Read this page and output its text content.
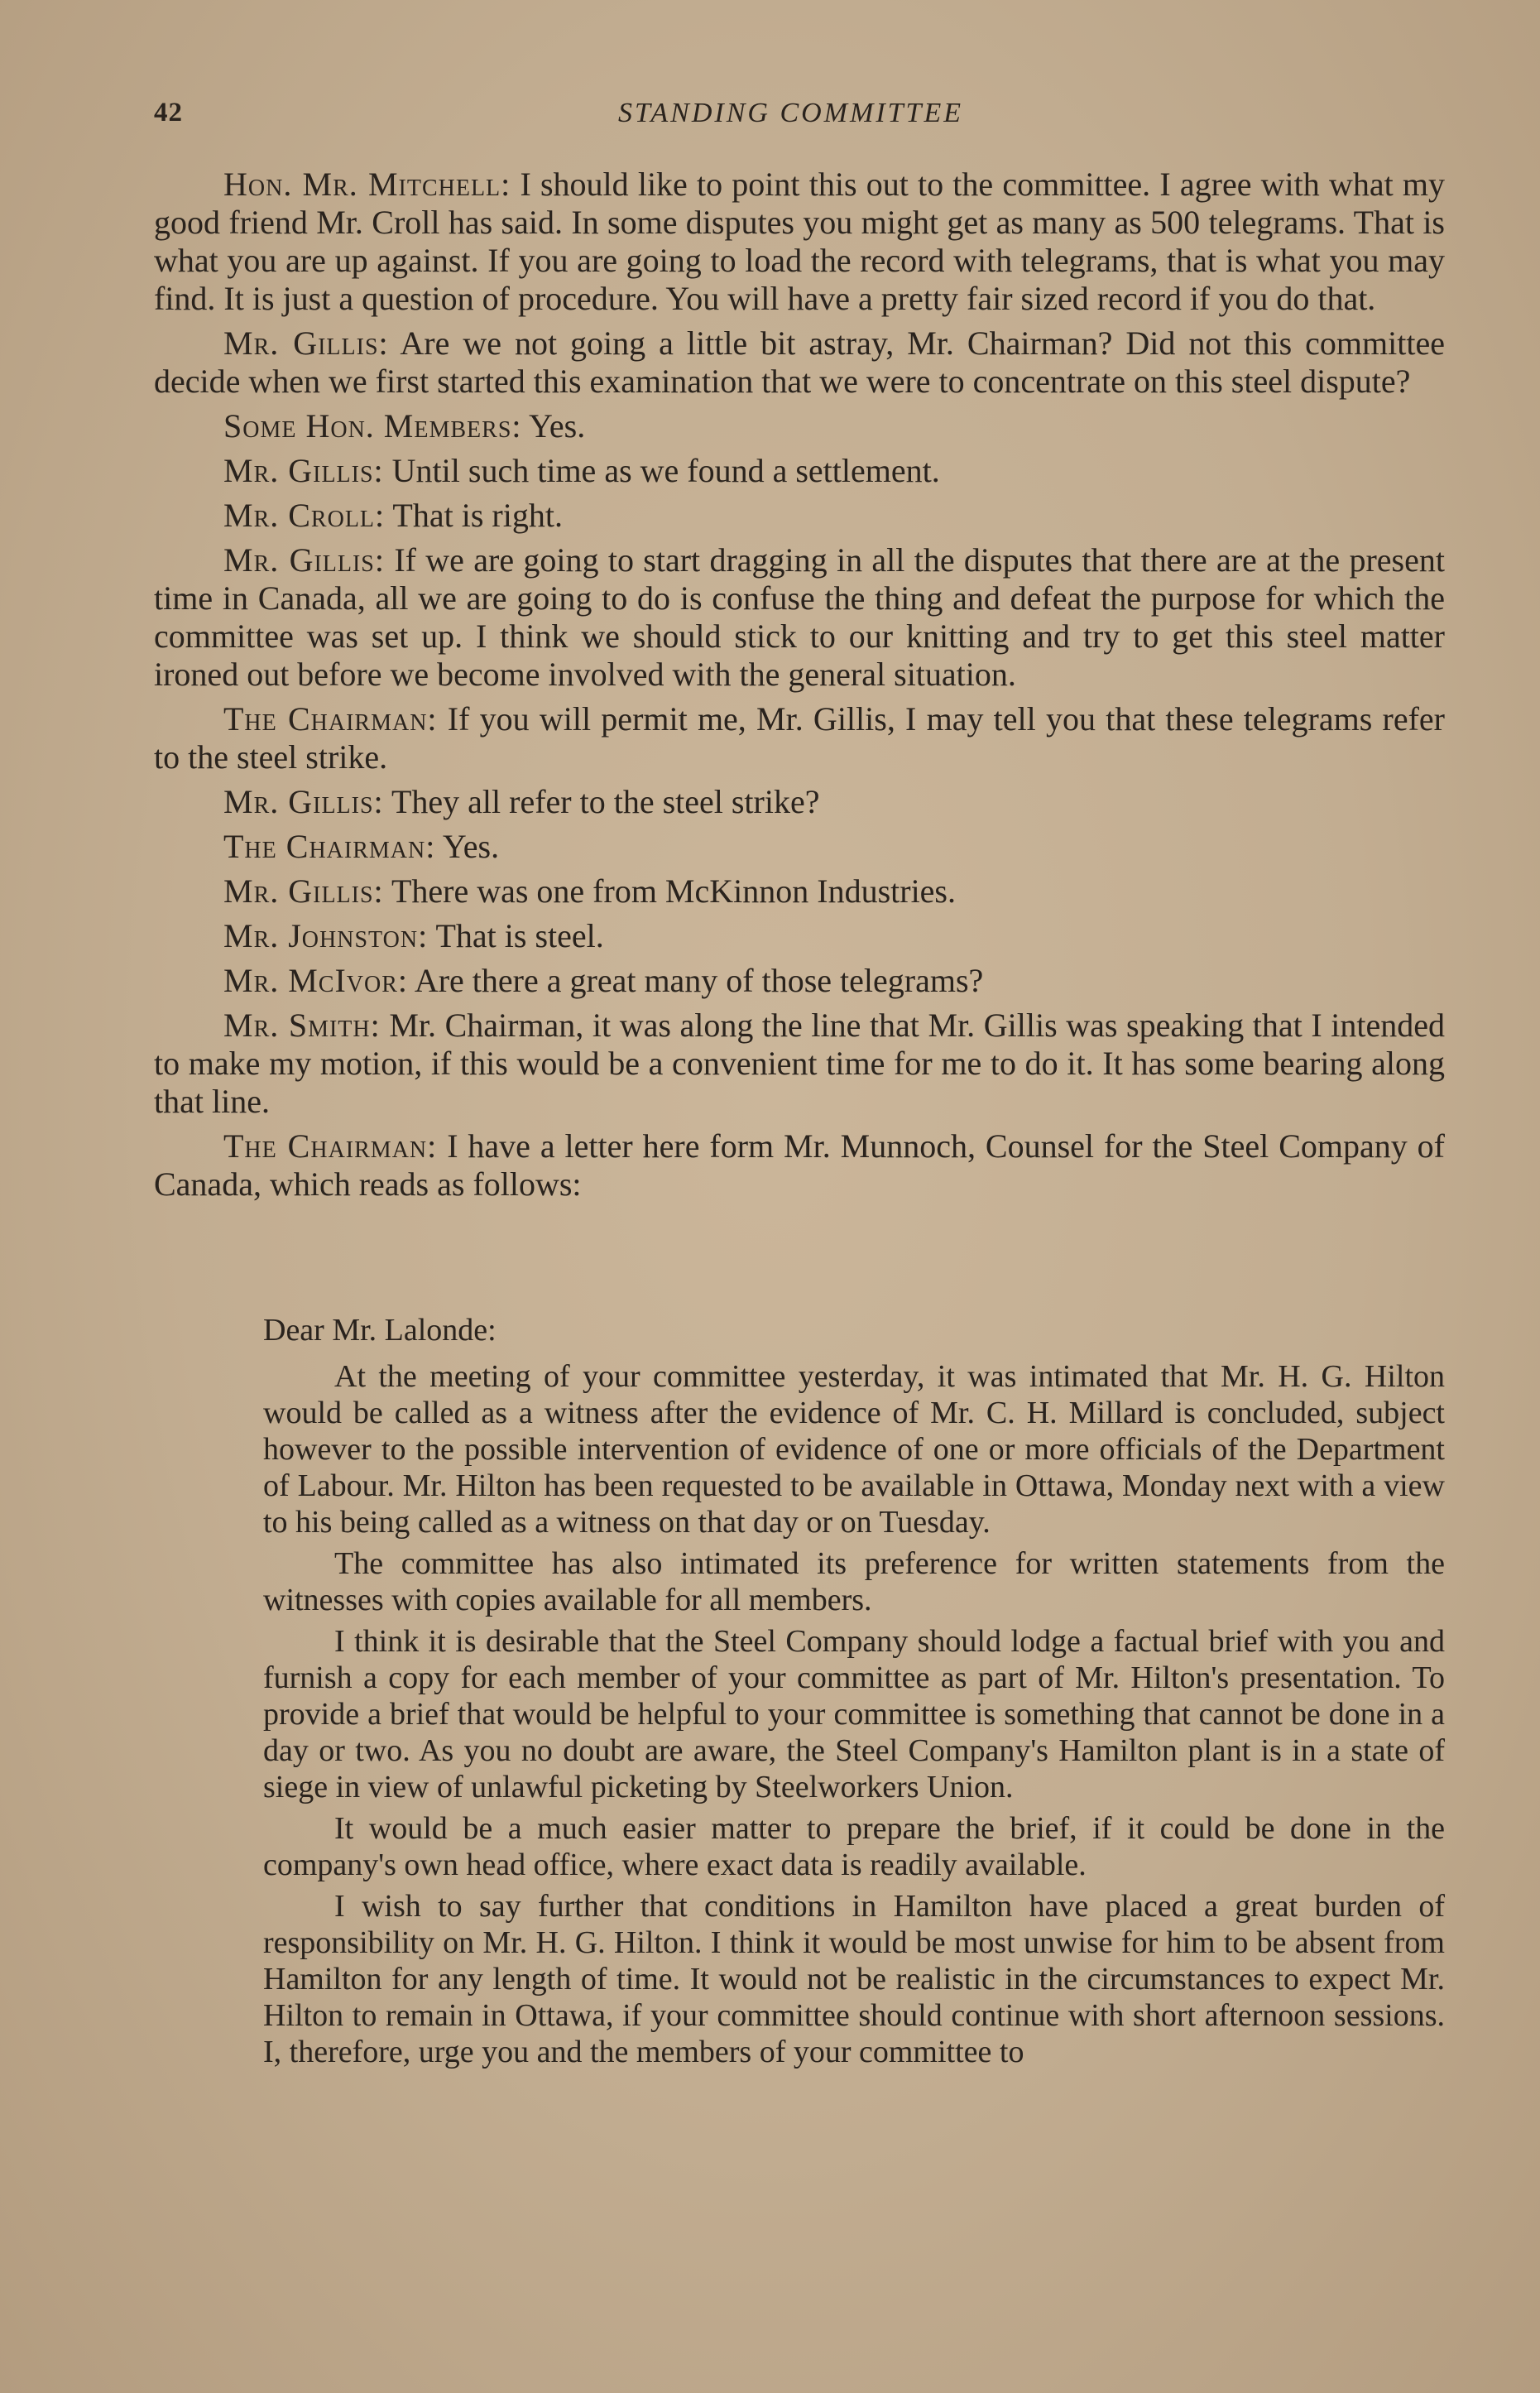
42	STANDING COMMITTEE

Hon. Mr. Mitchell: I should like to point this out to the committee. I agree with what my good friend Mr. Croll has said. In some disputes you might get as many as 500 telegrams. That is what you are up against. If you are going to load the record with telegrams, that is what you may find. It is just a question of procedure. You will have a pretty fair sized record if you do that.

Mr. Gillis: Are we not going a little bit astray, Mr. Chairman? Did not this committee decide when we first started this examination that we were to concentrate on this steel dispute?

Some Hon. Members: Yes.

Mr. Gillis: Until such time as we found a settlement.

Mr. Croll: That is right.

Mr. Gillis: If we are going to start dragging in all the disputes that there are at the present time in Canada, all we are going to do is confuse the thing and defeat the purpose for which the committee was set up. I think we should stick to our knitting and try to get this steel matter ironed out before we become involved with the general situation.

The Chairman: If you will permit me, Mr. Gillis, I may tell you that these telegrams refer to the steel strike.

Mr. Gillis: They all refer to the steel strike?

The Chairman: Yes.

Mr. Gillis: There was one from McKinnon Industries.

Mr. Johnston: That is steel.

Mr. McIvor: Are there a great many of those telegrams?

Mr. Smith: Mr. Chairman, it was along the line that Mr. Gillis was speaking that I intended to make my motion, if this would be a convenient time for me to do it. It has some bearing along that line.

The Chairman: I have a letter here form Mr. Munnoch, Counsel for the Steel Company of Canada, which reads as follows:

Dear Mr. Lalonde:

At the meeting of your committee yesterday, it was intimated that Mr. H. G. Hilton would be called as a witness after the evidence of Mr. C. H. Millard is concluded, subject however to the possible intervention of evidence of one or more officials of the Department of Labour. Mr. Hilton has been requested to be available in Ottawa, Monday next with a view to his being called as a witness on that day or on Tuesday.

The committee has also intimated its preference for written statements from the witnesses with copies available for all members.

I think it is desirable that the Steel Company should lodge a factual brief with you and furnish a copy for each member of your committee as part of Mr. Hilton's presentation. To provide a brief that would be helpful to your committee is something that cannot be done in a day or two. As you no doubt are aware, the Steel Company's Hamilton plant is in a state of siege in view of unlawful picketing by Steelworkers Union.

It would be a much easier matter to prepare the brief, if it could be done in the company's own head office, where exact data is readily available.

I wish to say further that conditions in Hamilton have placed a great burden of responsibility on Mr. H. G. Hilton. I think it would be most unwise for him to be absent from Hamilton for any length of time. It would not be realistic in the circumstances to expect Mr. Hilton to remain in Ottawa, if your committee should continue with short afternoon sessions. I, therefore, urge you and the members of your committee to
